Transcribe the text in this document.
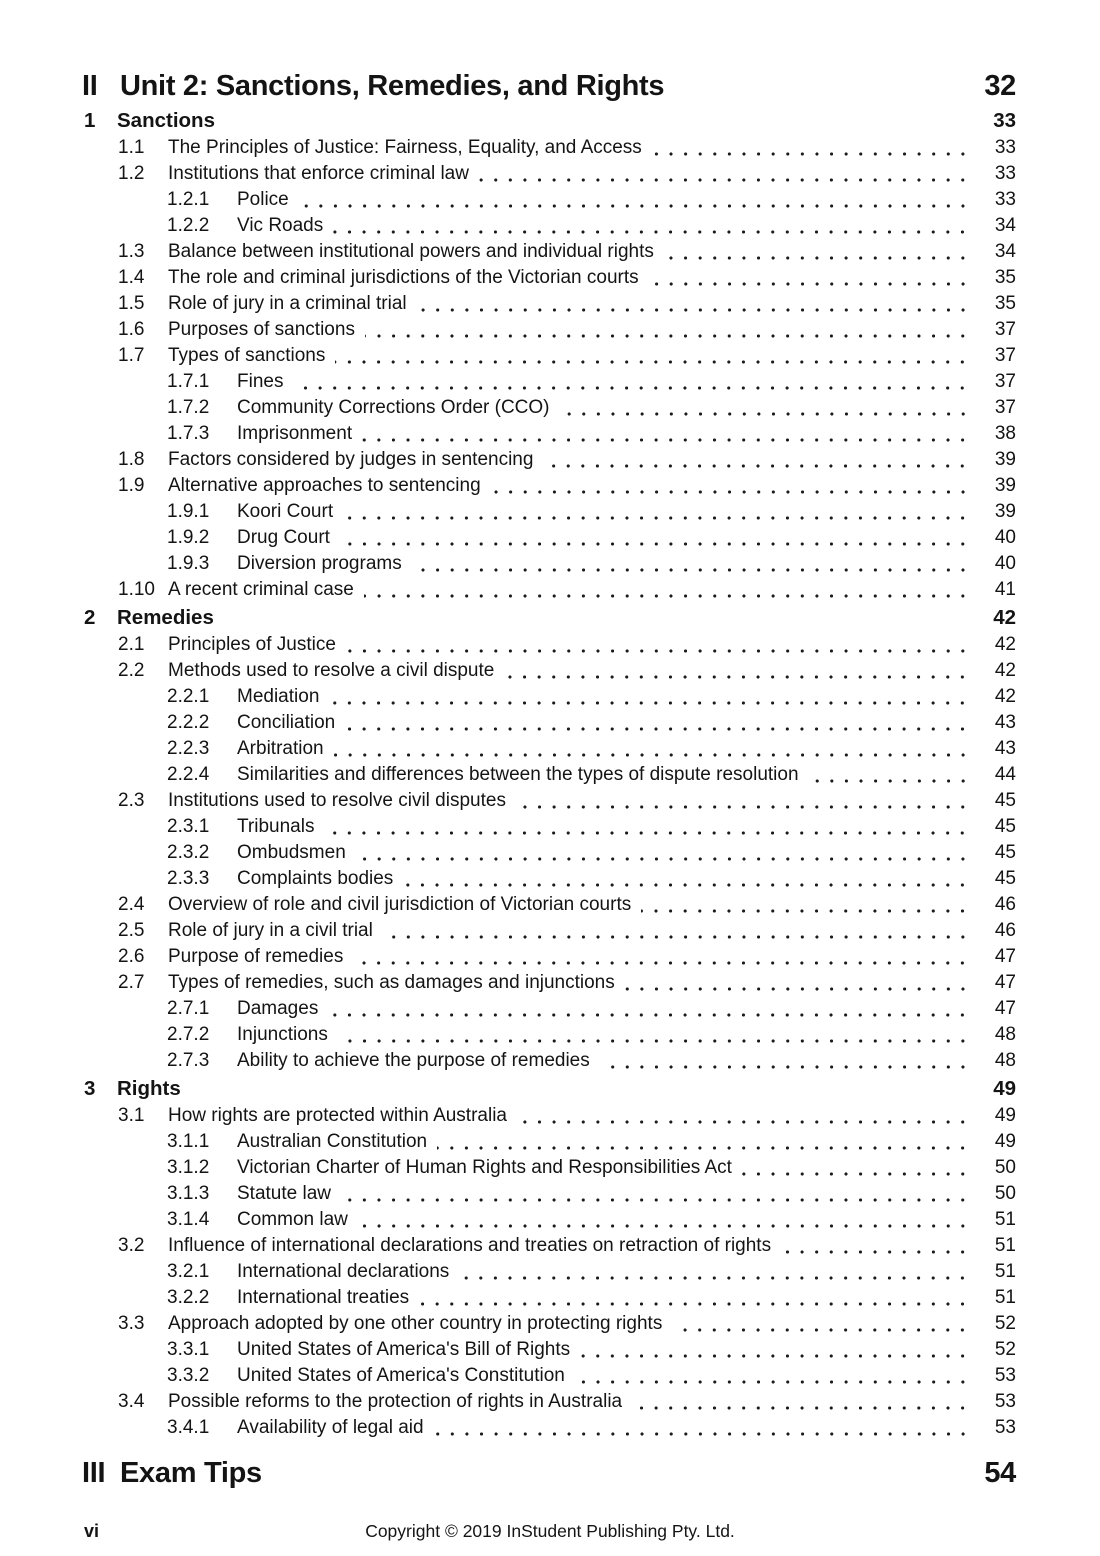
II Unit 2: Sanctions, Remedies, and Rights	32
1	Sanctions	33
1.1	The Principles of Justice: Fairness, Equality, and Access	33
1.2	Institutions that enforce criminal law	33
1.2.1	Police	33
1.2.2	Vic Roads	34
1.3	Balance between institutional powers and individual rights	34
1.4	The role and criminal jurisdictions of the Victorian courts	35
1.5	Role of jury in a criminal trial	35
1.6	Purposes of sanctions	37
1.7	Types of sanctions	37
1.7.1	Fines	37
1.7.2	Community Corrections Order (CCO)	37
1.7.3	Imprisonment	38
1.8	Factors considered by judges in sentencing	39
1.9	Alternative approaches to sentencing	39
1.9.1	Koori Court	39
1.9.2	Drug Court	40
1.9.3	Diversion programs	40
1.10 A recent criminal case	41
2	Remedies	42
2.1	Principles of Justice	42
2.2	Methods used to resolve a civil dispute	42
2.2.1	Mediation	42
2.2.2	Conciliation	43
2.2.3	Arbitration	43
2.2.4	Similarities and differences between the types of dispute resolution	44
2.3	Institutions used to resolve civil disputes	45
2.3.1	Tribunals	45
2.3.2	Ombudsmen	45
2.3.3	Complaints bodies	45
2.4	Overview of role and civil jurisdiction of Victorian courts	46
2.5	Role of jury in a civil trial	46
2.6	Purpose of remedies	47
2.7	Types of remedies, such as damages and injunctions	47
2.7.1	Damages	47
2.7.2	Injunctions	48
2.7.3	Ability to achieve the purpose of remedies	48
3	Rights	49
3.1	How rights are protected within Australia	49
3.1.1	Australian Constitution	49
3.1.2	Victorian Charter of Human Rights and Responsibilities Act	50
3.1.3	Statute law	50
3.1.4	Common law	51
3.2	Influence of international declarations and treaties on retraction of rights	51
3.2.1	International declarations	51
3.2.2	International treaties	51
3.3	Approach adopted by one other country in protecting rights	52
3.3.1	United States of America's Bill of Rights	52
3.3.2	United States of America's Constitution	53
3.4	Possible reforms to the protection of rights in Australia	53
3.4.1	Availability of legal aid	53
III Exam Tips	54
vi	Copyright © 2019 InStudent Publishing Pty. Ltd.
